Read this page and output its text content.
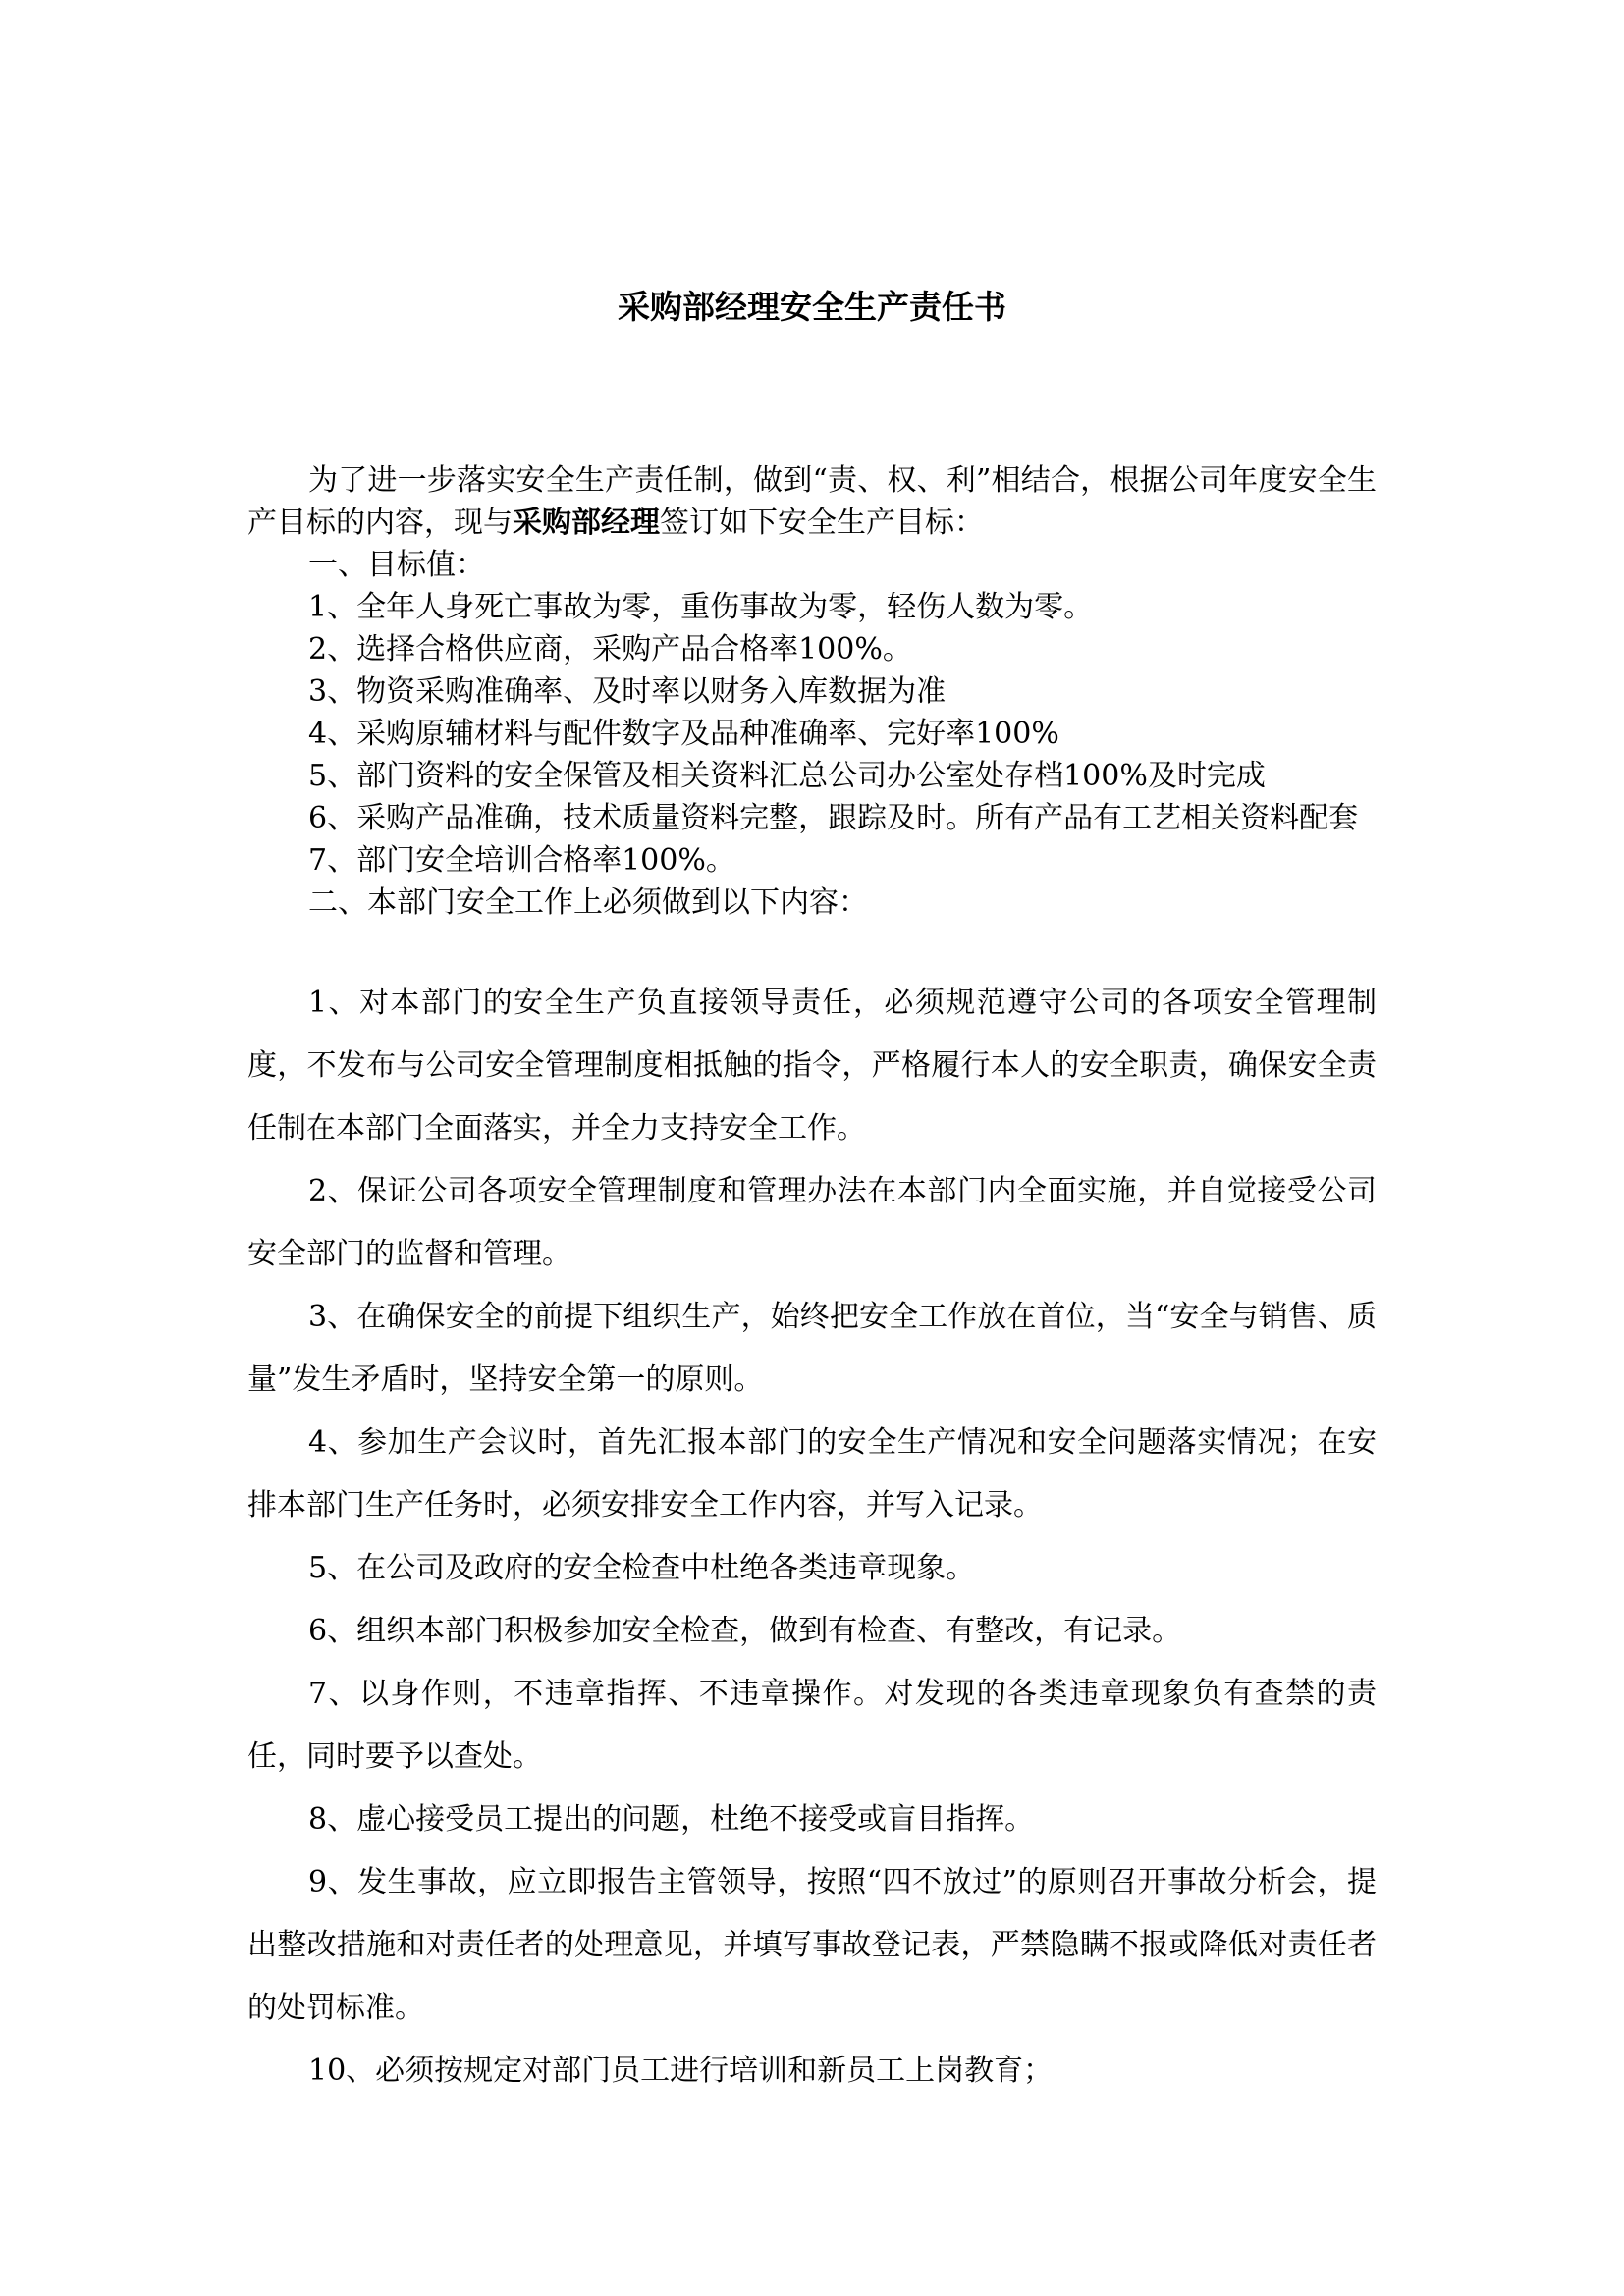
采购部经理安全生产责任书

为了进一步落实安全生产责任制，做到“责、权、利”相结合，根据公司年度安全生产目标的内容，现与采购部经理签订如下安全生产目标：

一、目标值：

1、全年人身死亡事故为零，重伤事故为零，轻伤人数为零。

2、选择合格供应商，采购产品合格率100%。

3、物资采购准确率、及时率以财务入库数据为准

4、采购原辅材料与配件数字及品种准确率、完好率100%

5、部门资料的安全保管及相关资料汇总公司办公室处存档100%及时完成

6、采购产品准确，技术质量资料完整，跟踪及时。所有产品有工艺相关资料配套

7、部门安全培训合格率100%。

二、本部门安全工作上必须做到以下内容：

1、对本部门的安全生产负直接领导责任，必须规范遵守公司的各项安全管理制度，不发布与公司安全管理制度相抵触的指令，严格履行本人的安全职责，确保安全责任制在本部门全面落实，并全力支持安全工作。

2、保证公司各项安全管理制度和管理办法在本部门内全面实施，并自觉接受公司安全部门的监督和管理。

3、在确保安全的前提下组织生产，始终把安全工作放在首位，当“安全与销售、质量”发生矛盾时，坚持安全第一的原则。

4、参加生产会议时，首先汇报本部门的安全生产情况和安全问题落实情况；在安排本部门生产任务时，必须安排安全工作内容，并写入记录。

5、在公司及政府的安全检查中杜绝各类违章现象。

6、组织本部门积极参加安全检查，做到有检查、有整改，有记录。

7、以身作则，不违章指挥、不违章操作。对发现的各类违章现象负有查禁的责任，同时要予以查处。

8、虚心接受员工提出的问题，杜绝不接受或盲目指挥。

9、发生事故，应立即报告主管领导，按照“四不放过”的原则召开事故分析会，提出整改措施和对责任者的处理意见，并填写事故登记表，严禁隐瞒不报或降低对责任者的处罚标准。

10、必须按规定对部门员工进行培训和新员工上岗教育；
